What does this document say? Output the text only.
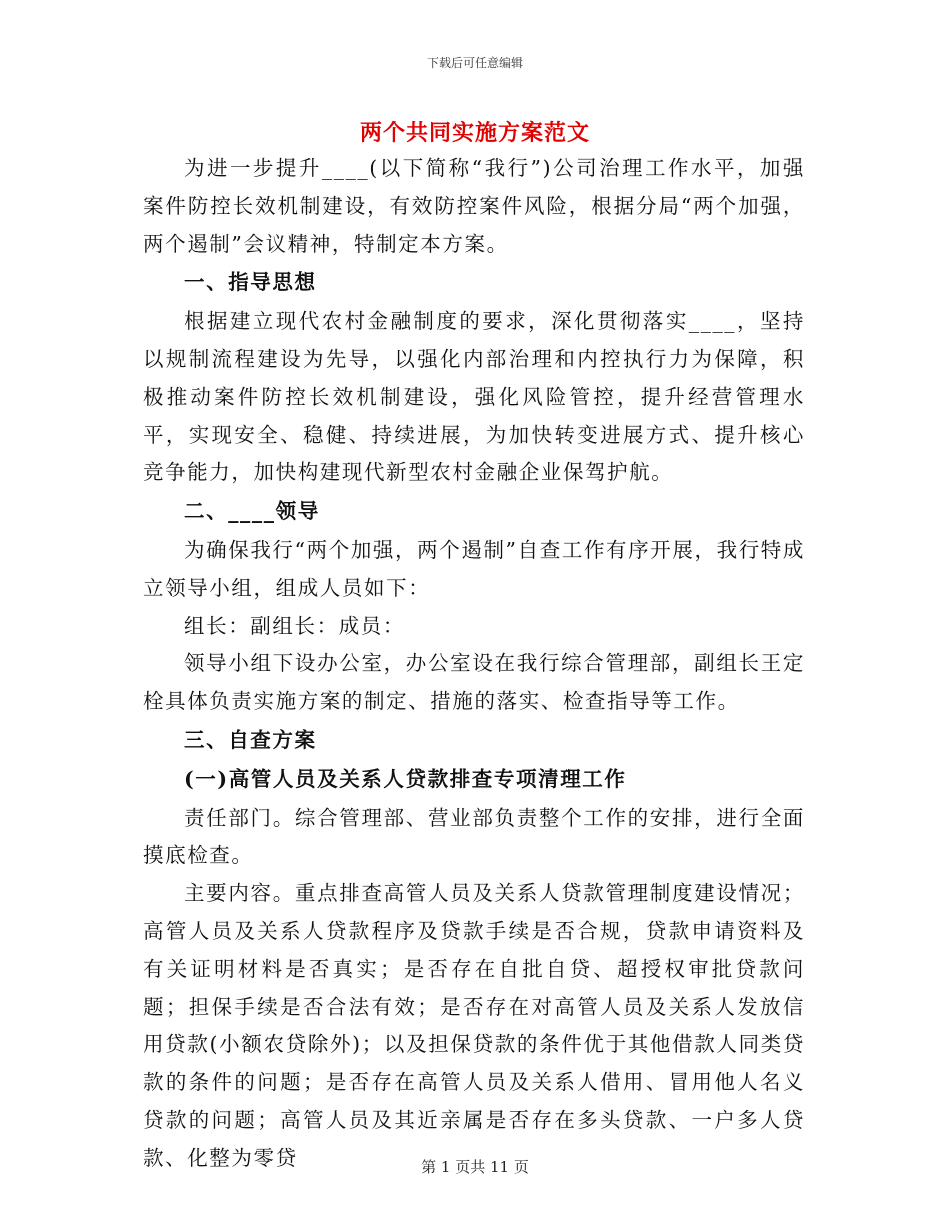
下载后可任意编辑
两个共同实施方案范文

为进一步提升____(以下简称“我行”)公司治理工作水平，加强案件防控长效机制建设，有效防控案件风险，根据分局“两个加强，两个遏制”会议精神，特制定本方案。

一、指导思想

根据建立现代农村金融制度的要求，深化贯彻落实____，坚持以规制流程建设为先导，以强化内部治理和内控执行力为保障，积极推动案件防控长效机制建设，强化风险管控，提升经营管理水平，实现安全、稳健、持续进展，为加快转变进展方式、提升核心竞争能力，加快构建现代新型农村金融企业保驾护航。

二、____领导

为确保我行“两个加强，两个遏制”自查工作有序开展，我行特成立领导小组，组成人员如下：

组长：副组长：成员：

领导小组下设办公室，办公室设在我行综合管理部，副组长王定栓具体负责实施方案的制定、措施的落实、检查指导等工作。

三、自查方案

(一)高管人员及关系人贷款排查专项清理工作

责任部门。综合管理部、营业部负责整个工作的安排，进行全面摸底检查。

主要内容。重点排查高管人员及关系人贷款管理制度建设情况；高管人员及关系人贷款程序及贷款手续是否合规，贷款申请资料及有关证明材料是否真实；是否存在自批自贷、超授权审批贷款问题；担保手续是否合法有效；是否存在对高管人员及关系人发放信用贷款(小额农贷除外)；以及担保贷款的条件优于其他借款人同类贷款的条件的问题；是否存在高管人员及关系人借用、冒用他人名义贷款的问题；高管人员及其近亲属是否存在多头贷款、一户多人贷款、化整为零贷	第 1 页共 11 页
